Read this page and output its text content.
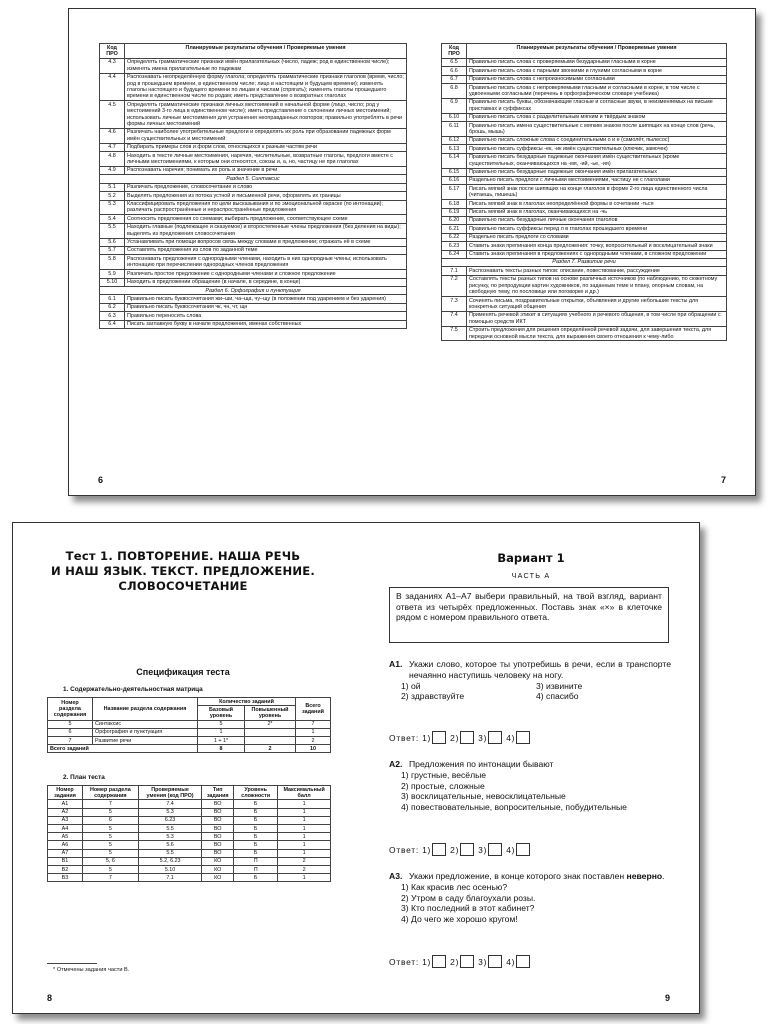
Код ПРО	Планируемые результаты обучения / Проверяемые умения
4.3	Определять грамматические признаки имён прилагательных (число, падеж; род в единственном числе); изменять имена прилагательные по падежам
4.4	Распознавать неопределённую форму глагола; определять грамматические признаки глаголов (время, число; род в прошедшем времени, в единственном числе; лицо в настоящем и будущем времени); изменять глаголы настоящего и будущего времени по лицам и числам (спрягать); изменять глаголы прошедшего времени в единственном числе по родам; иметь представление о возвратных глаголах
4.5	Определять грамматические признаки личных местоимений в начальной форме (лицо, число; род у местоимений 3-го лица в единственном числе); иметь представление о склонении личных местоимений; использовать личные местоимения для устранения неоправданных повторов; правильно употреблять в речи формы личных местоимений
4.6	Различать наиболее употребительные предлоги и определять их роль при образовании падежных форм имён существительных и местоимений
4.7	Подбирать примеры слов и форм слов, относящихся к разным частям речи
4.8	Находить в тексте личные местоимения, наречия, числительные, возвратные глаголы, предлоги вместе с личными местоимениями, к которым они относятся, союзы и, а, но, частицу не при глаголах
4.9	Распознавать наречия; понимать их роль и значение в речи
Раздел 5. Синтаксис	
5.1	Различать предложение, словосочетание и слово
5.2	Выделять предложения из потока устной и письменной речи, оформлять их границы
5.3	Классифицировать предложения по цели высказывания и по эмоциональной окраске (по интонации); различать распространённые и нераспространённые предложения
5.4	Соотносить предложения со схемами; выбирать предложение, соответствующее схеме
5.5	Находить главные (подлежащее и сказуемое) и второстепенные члены предложения (без деления на виды); выделять из предложения словосочетания
5.6	Устанавливать при помощи вопросов связь между словами в предложении; отражать её в схеме
5.7	Составлять предложения из слов по заданной теме
5.8	Распознавать предложения с однородными членами, находить в них однородные члены; использовать интонацию при перечислении однородных членов предложения
5.9	Различать простое предложение с однородными членами и сложное предложение
5.10	Находить в предложении обращение (в начале, в середине, в конце)
Раздел 6. Орфография и пунктуация	
6.1	Правильно писать буквосочетания жи–ши, ча–ща, чу–щу (в положении под ударением и без ударения)
6.2	Правильно писать буквосочетания чк, чн, чт, щн
6.3	Правильно переносить слова
6.4	Писать заглавную букву в начале предложения, именах собственных
6
Код ПРО	Планируемые результаты обучения / Проверяемые умения
6.5	Правильно писать слова с проверяемыми безударными гласными в корне
6.6	Правильно писать слова с парными звонкими и глухими согласными в корне
6.7	Правильно писать слова с непроизносимыми согласными
6.8	Правильно писать слова с непроверяемыми гласными и согласными в корне, в том числе с удвоенными согласными (перечень в орфографическом словаре учебника)
6.9	Правильно писать буквы, обозначающие гласные и согласные звуки, в неизменяемых на письме приставках и суффиксах
6.10	Правильно писать слова с разделительным мягким и твёрдым знаком
6.11	Правильно писать имена существительные с мягким знаком после шипящих на конце слов (речь, брошь, мышь)
6.12	Правильно писать сложные слова с соединительными о и е (самолёт, пылесос)
6.13	Правильно писать суффиксы -ек, -ик имён существительных (ключик, замочек)
6.14	Правильно писать безударные падежные окончания имён существительных (кроме существительных, оканчивающихся на -мя, -ий, -ье, -ия)
6.15	Правильно писать безударные падежные окончания имён прилагательных
6.16	Раздельно писать предлоги с личными местоимениями, частицу не с глаголами
6.17	Писать мягкий знак после шипящих на конце глаголов в форме 2-го лица единственного числа (читаешь, пишешь)
6.18	Писать мягкий знак в глаголах неопределённой формы в сочетании -ться
6.19	Писать мягкий знак в глаголах, оканчивающихся на -чь
6.20	Правильно писать безударные личные окончания глаголов
6.21	Правильно писать суффиксы перед л в глаголах прошедшего времени
6.22	Раздельно писать предлоги со словами
6.23	Ставить знаки препинания конца предложения: точку, вопросительный и восклицательный знаки
6.24	Ставить знаки препинания в предложениях с однородными членами, в сложном предложении
Раздел 7. Развитие речи	
7.1	Распознавать тексты разных типов: описание, повествование, рассуждение
7.2	Составлять тексты разных типов на основе различных источников (по наблюдению, по сюжетному рисунку, по репродукции картин художников, по заданным теме и плану, опорным словам, на свободную тему, по пословице или поговорке и др.)
7.3	Сочинять письма, поздравительные открытки, объявления и другие небольшие тексты для конкретных ситуаций общения
7.4	Применять речевой этикет в ситуациях учебного и речевого общения, в том числе при обращении с помощью средств ИКТ
7.5	Строить предложения для решения определённой речевой задачи, для завершения текста, для передачи основной мысли текста, для выражения своего отношения к чему-либо
7
Тест 1. ПОВТОРЕНИЕ. НАША РЕЧЬ
И НАШ ЯЗЫК. ТЕКСТ. ПРЕДЛОЖЕНИЕ.
СЛОВОСОЧЕТАНИЕ
Спецификация теста
1. Содержательно-деятельностная матрица
Номер раздела содержания	Название раздела содержания	Количество заданий		Всего заданий
		Базовый уровень	Повышенный уровень	
5	Синтаксис	5	2*	7
6	Орфография и пунктуация	1		1
7	Развитие речи	1 + 1*		2
Всего заданий		8	2	10
2. План теста
Номер задания	Номер раздела содержания	Проверяемые умения (код ПРО)	Тип задания	Уровень сложности	Максимальный балл
А1	7	7.4	ВО	Б	1
А2	5	5.3	ВО	Б	1
А3	6	6.23	ВО	Б	1
А4	5	5.5	ВО	Б	1
А5	5	5.3	ВО	Б	1
А6	5	5.6	ВО	Б	1
А7	5	5.5	ВО	Б	1
В1	5, 6	5.2, 6.23	КО	П	2
В2	5	5.10	КО	П	2
В3	7	7.1	КО	Б	1
* Отмечены задания части В.
8
Вариант 1
ЧАСТЬ А
В заданиях А1–А7 выбери правильный, на твой взгляд, вариант ответа из четырёх предложенных. Поставь знак «×» в клеточке рядом с номером правильного ответа.
А1. Укажи слово, которое ты употребишь в речи, если в транспорте нечаянно наступишь человеку на ногу.
1) ой	3) извините
2) здравствуйте	4) спасибо
Ответ: 1) 2) 3) 4)
А2. Предложения по интонации бывают
1) грустные, весёлые
2) простые, сложные
3) восклицательные, невосклицательные
4) повествовательные, вопросительные, побудительные
Ответ: 1) 2) 3) 4)
А3. Укажи предложение, в конце которого знак поставлен неверно.
1) Как красив лес осенью?
2) Утром в саду благоухали розы.
3) Кто последний в этот кабинет?
4) До чего же хорошо кругом!
Ответ: 1) 2) 3) 4)
9
